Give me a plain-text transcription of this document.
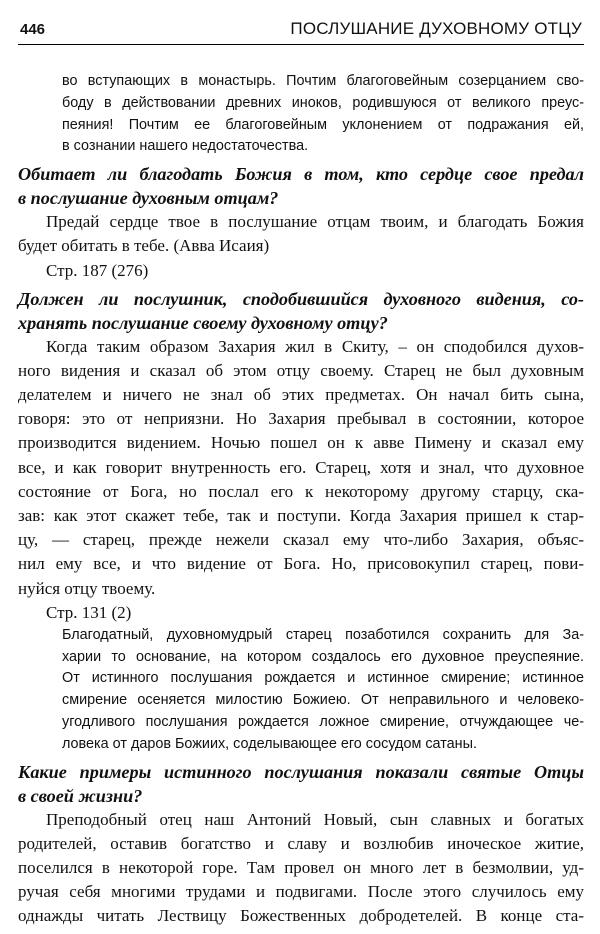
446	ПОСЛУШАНИЕ ДУХОВНОМУ ОТЦУ

во вступающих в монастырь. Почтим благоговейным созерцанием сво-
боду в действовании древних иноков, родившуюся от великого преус-
пеяния! Почтим ее благоговейным уклонением от подражания ей,
в сознании нашего недостаточества.

Обитает ли благодать Божия в том, кто сердце свое предал
в послушание духовным отцам?

Предай сердце твое в послушание отцам твоим, и благодать Божия
будет обитать в тебе. (Авва Исаия)

Стр. 187 (276)

Должен ли послушник, сподобившийся духовного видения, со-
хранять послушание своему духовному отцу?

Когда таким образом Захария жил в Скиту, – он сподобился духов-
ного видения и сказал об этом отцу своему. Старец не был духовным
делателем и ничего не знал об этих предметах. Он начал бить сына,
говоря: это от неприязни. Но Захария пребывал в состоянии, которое
производится видением. Ночью пошел он к авве Пимену и сказал ему
все, и как говорит внутренность его. Старец, хотя и знал, что духовное
состояние от Бога, но послал его к некоторому другому старцу, ска-
зав: как этот скажет тебе, так и поступи. Когда Захария пришел к стар-
цу, — старец, прежде нежели сказал ему что-либо Захария, объяс-
нил ему все, и что видение от Бога. Но, присовокупил старец, пови-
нуйся отцу твоему.

Стр. 131 (2)

Благодатный, духовномудрый старец позаботился сохранить для За-
харии то основание, на котором создалось его духовное преуспеяние.
От истинного послушания рождается и истинное смирение; истинное
смирение осеняется милостию Божиею. От неправильного и человеко-
угодливого послушания рождается ложное смирение, отчуждающее че-
ловека от даров Божиих, соделывающее его сосудом сатаны.

Какие примеры истинного послушания показали святые Отцы
в своей жизни?

Преподобный отец наш Антоний Новый, сын славных и богатых
родителей, оставив богатство и славу и возлюбив иноческое житие,
поселился в некоторой горе. Там провел он много лет в безмолвии, уд-
ручая себя многими трудами и подвигами. После этого случилось ему
однажды читать Лествицу Божественных добродетелей. В конце ста-
